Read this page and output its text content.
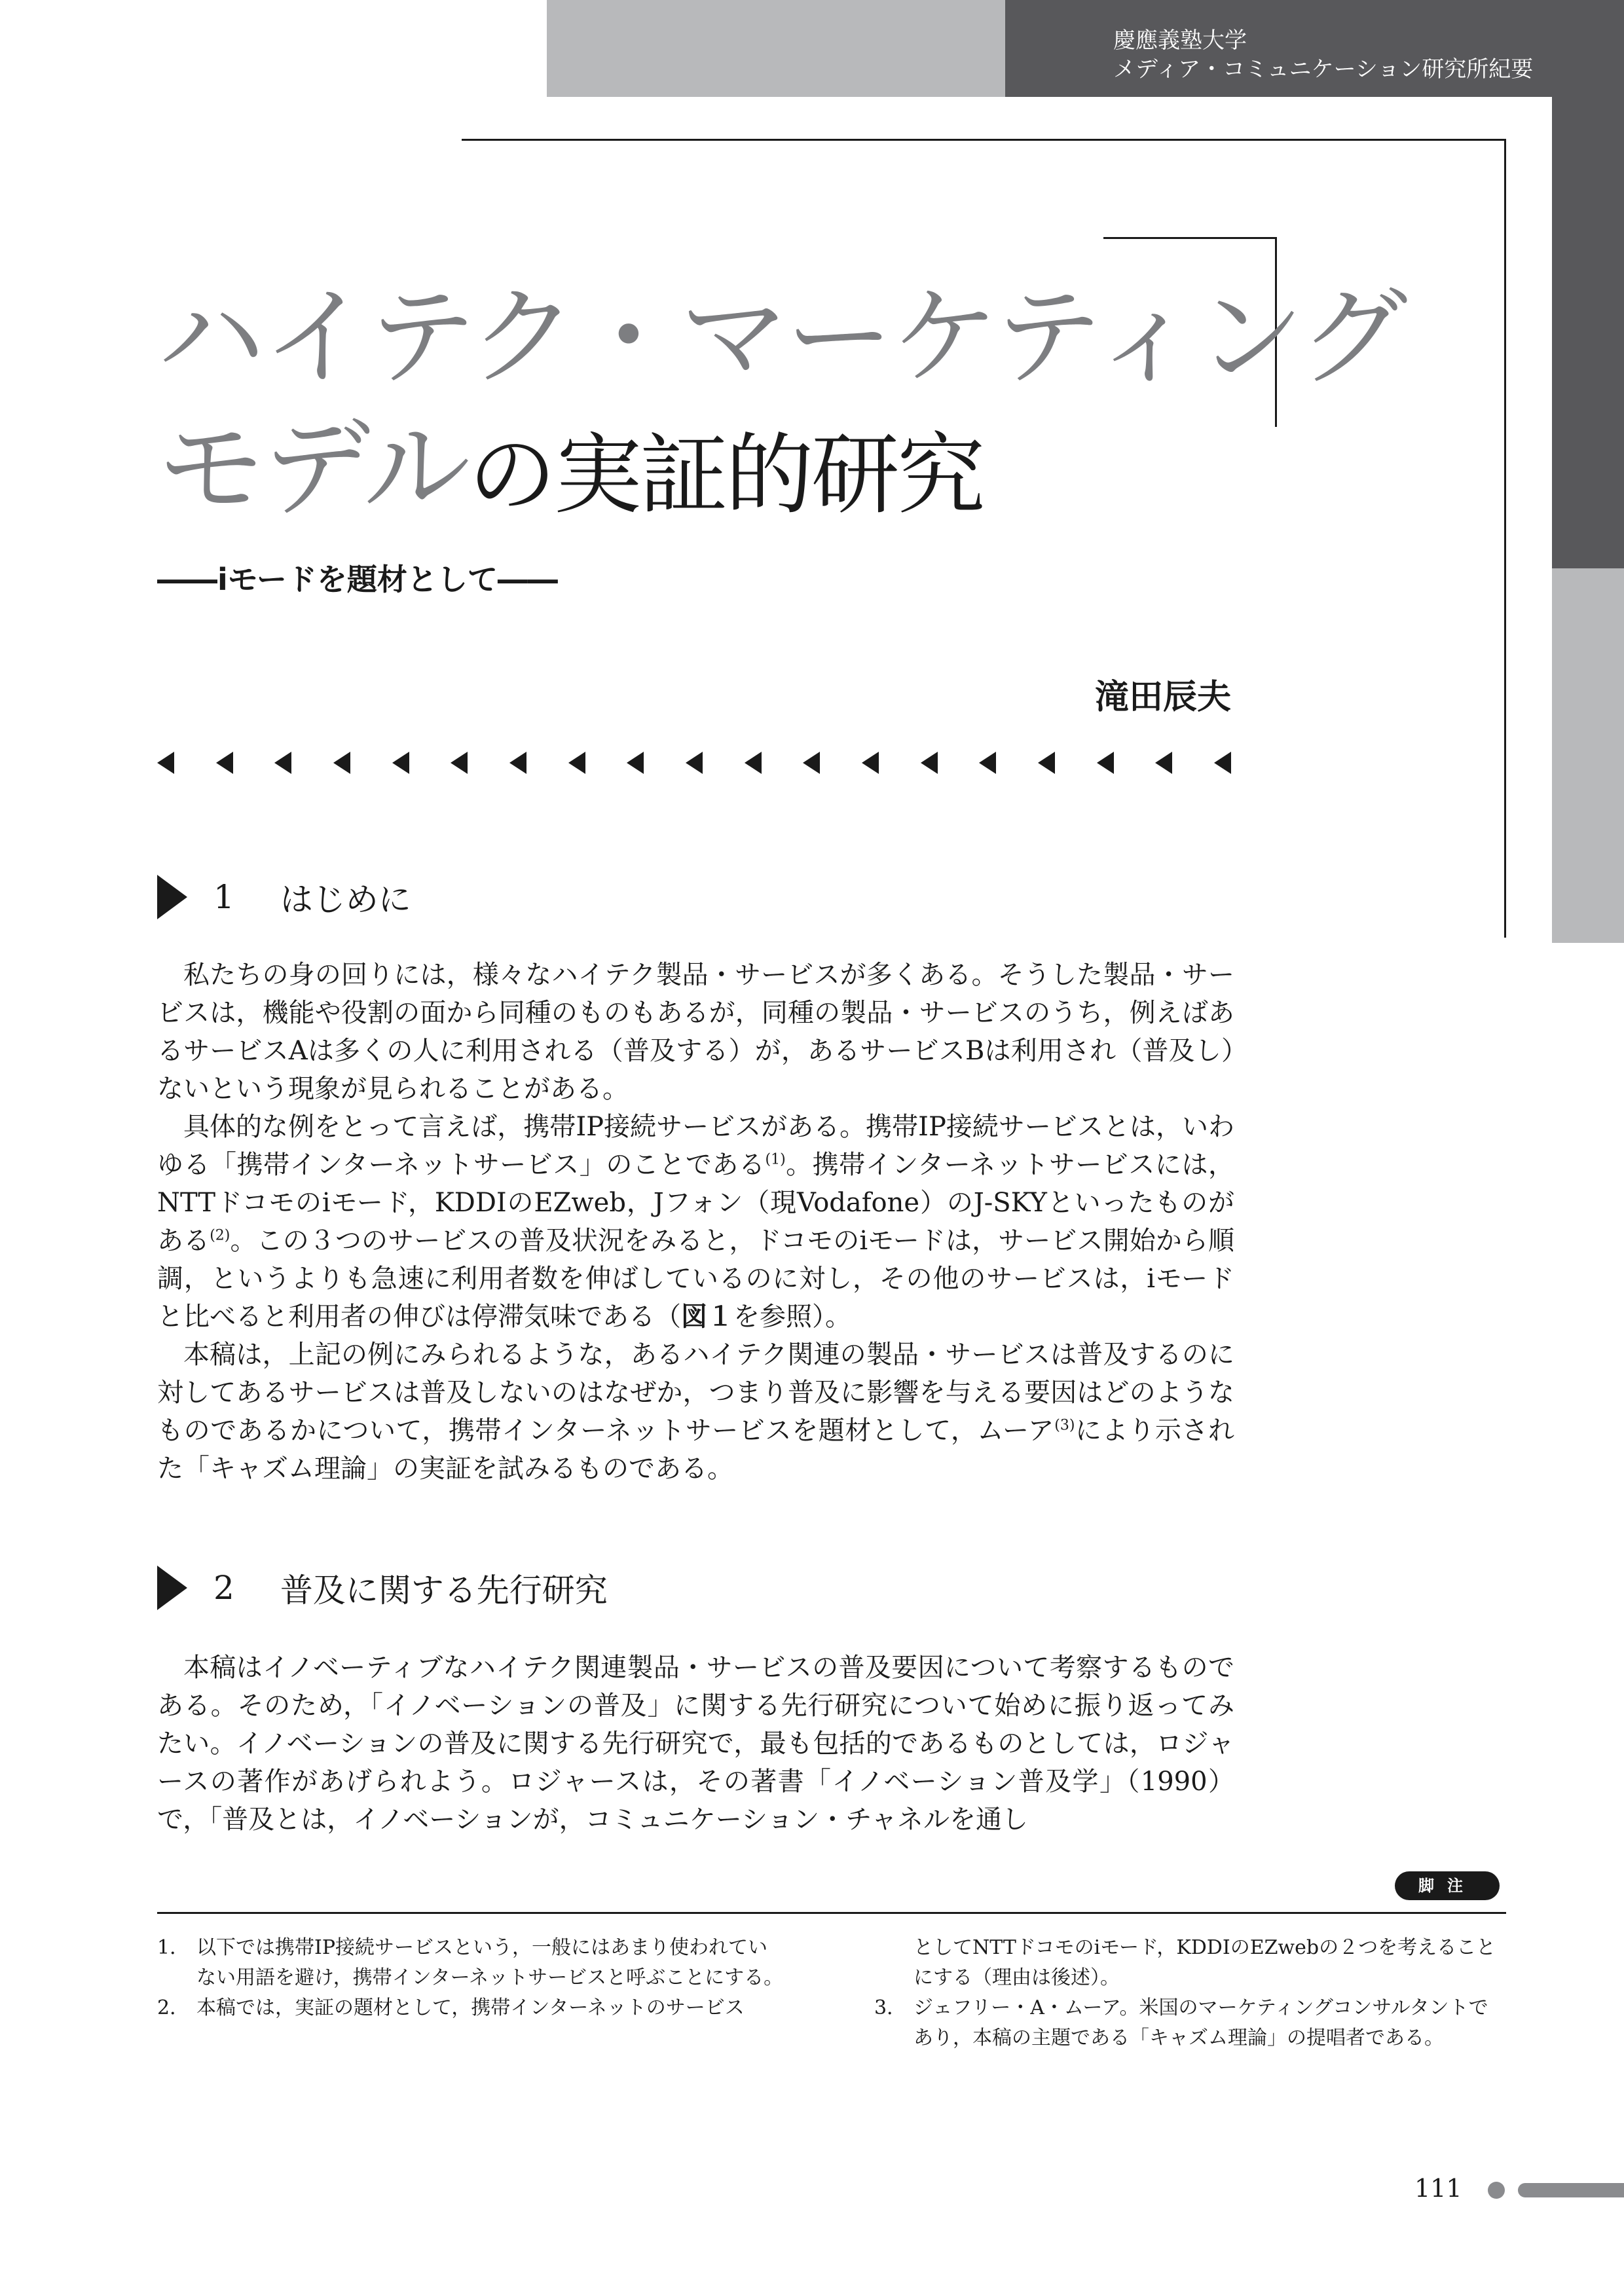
慶應義塾大学
メディア・コミュニケーション研究所紀要
ハイテク・マーケティング
モデルの実証的研究
――iモードを題材として――
滝田辰夫
1 はじめに

私たちの身の回りには，様々なハイテク製品・サービスが多くある。そうした製品・サービスは，機能や役割の面から同種のものもあるが，同種の製品・サービスのうち，例えばあるサービスAは多くの人に利用される（普及する）が，あるサービスBは利用され（普及し）ないという現象が見られることがある。

具体的な例をとって言えば，携帯IP接続サービスがある。携帯IP接続サービスとは，いわゆる「携帯インターネットサービス」のことである$^{(1)}$。携帯インターネットサービスには，NTTドコモのiモード，KDDIのEZweb，Jフォン（現Vodafone）のJ-SKYといったものがある$^{(2)}$。この３つのサービスの普及状況をみると，ドコモのiモードは，サービス開始から順調，というよりも急速に利用者数を伸ばしているのに対し，その他のサービスは，iモードと比べると利用者の伸びは停滞気味である（図１を参照）。

本稿は，上記の例にみられるような，あるハイテク関連の製品・サービスは普及するのに対してあるサービスは普及しないのはなぜか，つまり普及に影響を与える要因はどのようなものであるかについて，携帯インターネットサービスを題材として，ムーア$^{(3)}$により示された「キャズム理論」の実証を試みるものである。

2 普及に関する先行研究

本稿はイノベーティブなハイテク関連製品・サービスの普及要因について考察するものである。そのため，「イノベーションの普及」に関する先行研究について始めに振り返ってみたい。イノベーションの普及に関する先行研究で，最も包括的であるものとしては，ロジャースの著作があげられよう。ロジャースは，その著書「イノベーション普及学」（1990）で，「普及とは，イノベーションが，コミュニケーション・チャネルを通し

脚注
1． 以下では携帯IP接続サービスという，一般にはあまり使われていない用語を避け，携帯インターネットサービスと呼ぶことにする。
2． 本稿では，実証の題材として，携帯インターネットのサービス
としてNTTドコモのiモード，KDDIのEZwebの２つを考えることにする（理由は後述）。
3． ジェフリー・A・ムーア。米国のマーケティングコンサルタントであり，本稿の主題である「キャズム理論」の提唱者である。
111
